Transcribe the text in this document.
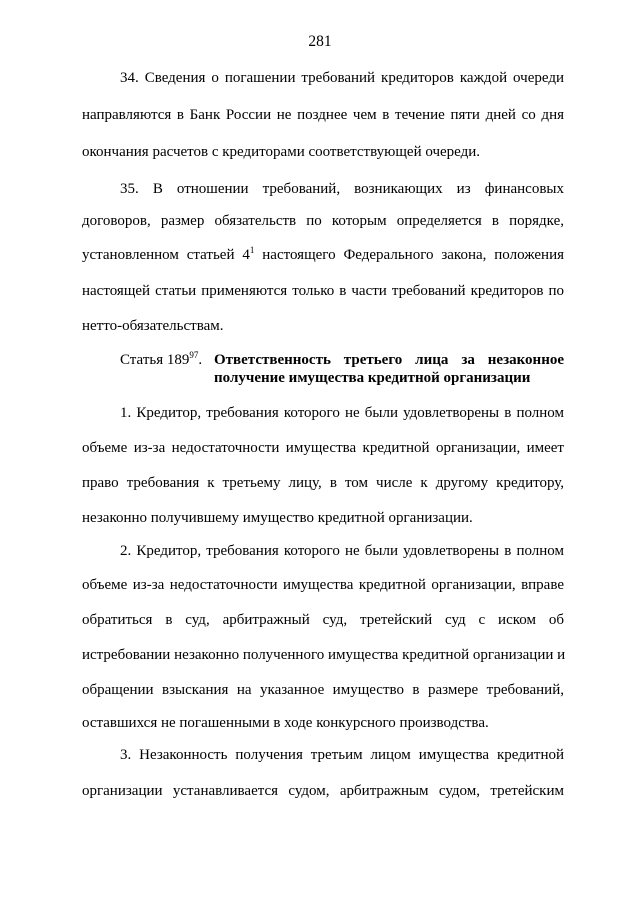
281
34. Сведения о погашении требований кредиторов каждой очереди
направляются в Банк России не позднее чем в течение пяти дней со дня
окончания расчетов с кредиторами соответствующей очереди.
35. В отношении требований, возникающих из финансовых
договоров, размер обязательств по которым определяется в порядке,
установленном статьей $4^1$ настоящего Федерального закона, положения
настоящей статьи применяются только в части требований кредиторов по
нетто-обязательствам.
Статья $189^{97}$. Ответственность третьего лица за незаконное
получение имущества кредитной организации
1. Кредитор, требования которого не были удовлетворены в полном
объеме из-за недостаточности имущества кредитной организации, имеет
право требования к третьему лицу, в том числе к другому кредитору,
незаконно получившему имущество кредитной организации.
2. Кредитор, требования которого не были удовлетворены в полном
объеме из-за недостаточности имущества кредитной организации, вправе
обратиться в суд, арбитражный суд, третейский суд с иском об
истребовании незаконно полученного имущества кредитной организации и
обращении взыскания на указанное имущество в размере требований,
оставшихся не погашенными в ходе конкурсного производства.
3. Незаконность получения третьим лицом имущества кредитной
организации устанавливается судом, арбитражным судом, третейским
